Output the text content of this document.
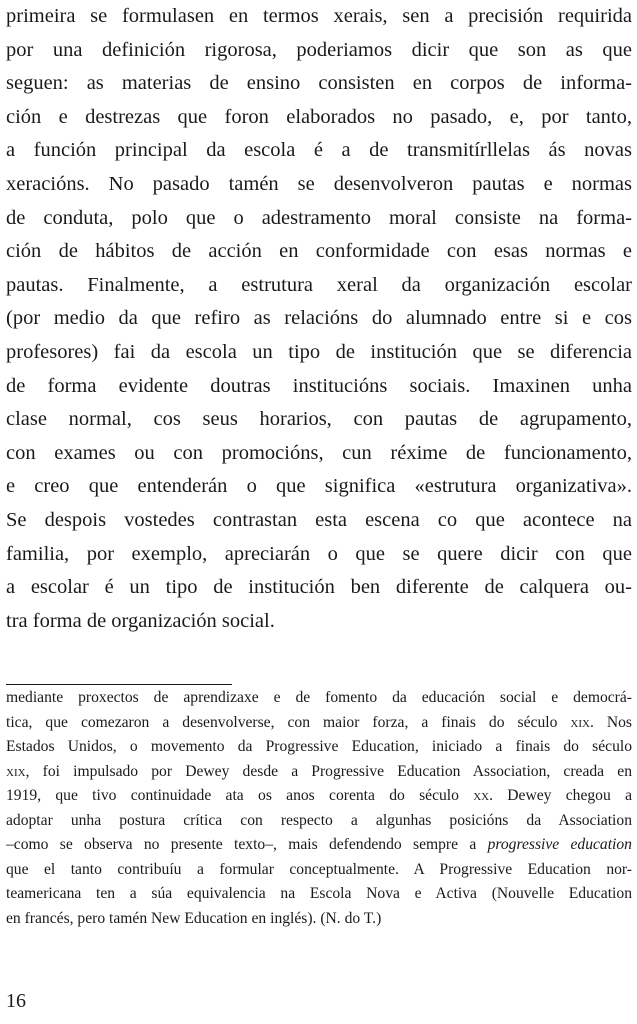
primeira se formulasen en termos xerais, sen a precisión requirida
por una definición rigorosa, poderiamos dicir que son as que
seguen: as materias de ensino consisten en corpos de informa-
ción e destrezas que foron elaborados no pasado, e, por tanto,
a función principal da escola é a de transmitírllelas ás novas
xeracións. No pasado tamén se desenvolveron pautas e normas
de conduta, polo que o adestramento moral consiste na forma-
ción de hábitos de acción en conformidade con esas normas e
pautas. Finalmente, a estrutura xeral da organización escolar
(por medio da que refiro as relacións do alumnado entre si e cos
profesores) fai da escola un tipo de institución que se diferencia
de forma evidente doutras institucións sociais. Imaxinen unha
clase normal, cos seus horarios, con pautas de agrupamento,
con exames ou con promocións, cun réxime de funcionamento,
e creo que entenderán o que significa «estrutura organizativa».
Se despois vostedes contrastan esta escena co que acontece na
familia, por exemplo, apreciarán o que se quere dicir con que
a escolar é un tipo de institución ben diferente de calquera ou-
tra forma de organización social.
mediante proxectos de aprendizaxe e de fomento da educación social e democrá-
tica, que comezaron a desenvolverse, con maior forza, a finais do século xix. Nos
Estados Unidos, o movemento da Progressive Education, iniciado a finais do século
xix, foi impulsado por Dewey desde a Progressive Education Association, creada en
1919, que tivo continuidade ata os anos corenta do século xx. Dewey chegou a
adoptar unha postura crítica con respecto a algunhas posicións da Association
–como se observa no presente texto–, mais defendendo sempre a progressive education
que el tanto contribuíu a formular conceptualmente. A Progressive Education nor-
teamericana ten a súa equivalencia na Escola Nova e Activa (Nouvelle Education
en francés, pero tamén New Education en inglés). (N. do T.)
16
